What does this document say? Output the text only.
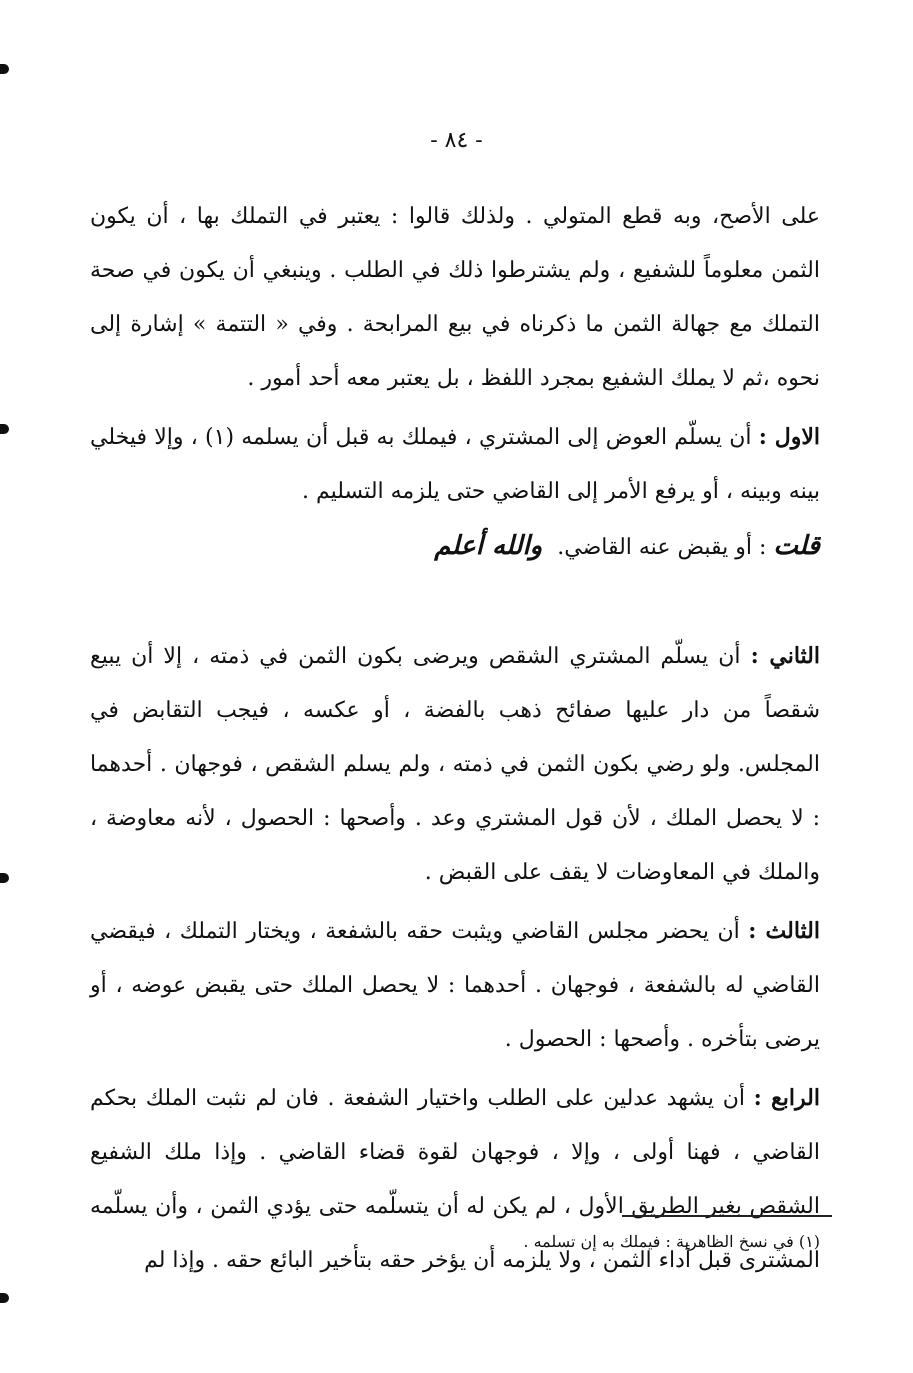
- ٨٤ -

على الأصح، وبه قطع المتولي . ولذلك قالوا : يعتبر في التملك بها ، أن يكون الثمن معلوماً للشفيع ، ولم يشترطوا ذلك في الطلب . وينبغي أن يكون في صحة التملك مع جهالة الثمن ما ذكرناه في بيع المرابحة . وفي « التتمة » إشارة إلى نحوه ،ثم لا يملك الشفيع بمجرد اللفظ ، بل يعتبر معه أحد أمور .

الاول : أن يسلّم العوض إلى المشتري ، فيملك به قبل أن يسلمه (١) ، وإلا فيخلي بينه وبينه ، أو يرفع الأمر إلى القاضي حتى يلزمه التسليم .

قلت : أو يقبض عنه القاضي. والله أعلم

الثاني : أن يسلّم المشتري الشقص ويرضى بكون الثمن في ذمته ، إلا أن يبيع شقصاً من دار عليها صفائح ذهب بالفضة ، أو عكسه ، فيجب التقابض في المجلس. ولو رضي بكون الثمن في ذمته ، ولم يسلم الشقص ، فوجهان . أحدهما : لا يحصل الملك ، لأن قول المشتري وعد . وأصحها : الحصول ، لأنه معاوضة ، والملك في المعاوضات لا يقف على القبض .

الثالث : أن يحضر مجلس القاضي ويثبت حقه بالشفعة ، ويختار التملك ، فيقضي القاضي له بالشفعة ، فوجهان . أحدهما : لا يحصل الملك حتى يقبض عوضه ، أو يرضى بتأخره . وأصحها : الحصول .

الرابع : أن يشهد عدلين على الطلب واختيار الشفعة . فان لم نثبت الملك بحكم القاضي ، فهنا أولى ، وإلا ، فوجهان لقوة قضاء القاضي . وإذا ملك الشفيع الشقص بغير الطريق الأول ، لم يكن له أن يتسلّمه حتى يؤدي الثمن ، وأن يسلّمه المشترى قبل أداء الثمن ، ولا يلزمه أن يؤخر حقه بتأخير البائع حقه . وإذا لم

(١) في نسخ الظاهرية : فيملك به إن تسلمه .
